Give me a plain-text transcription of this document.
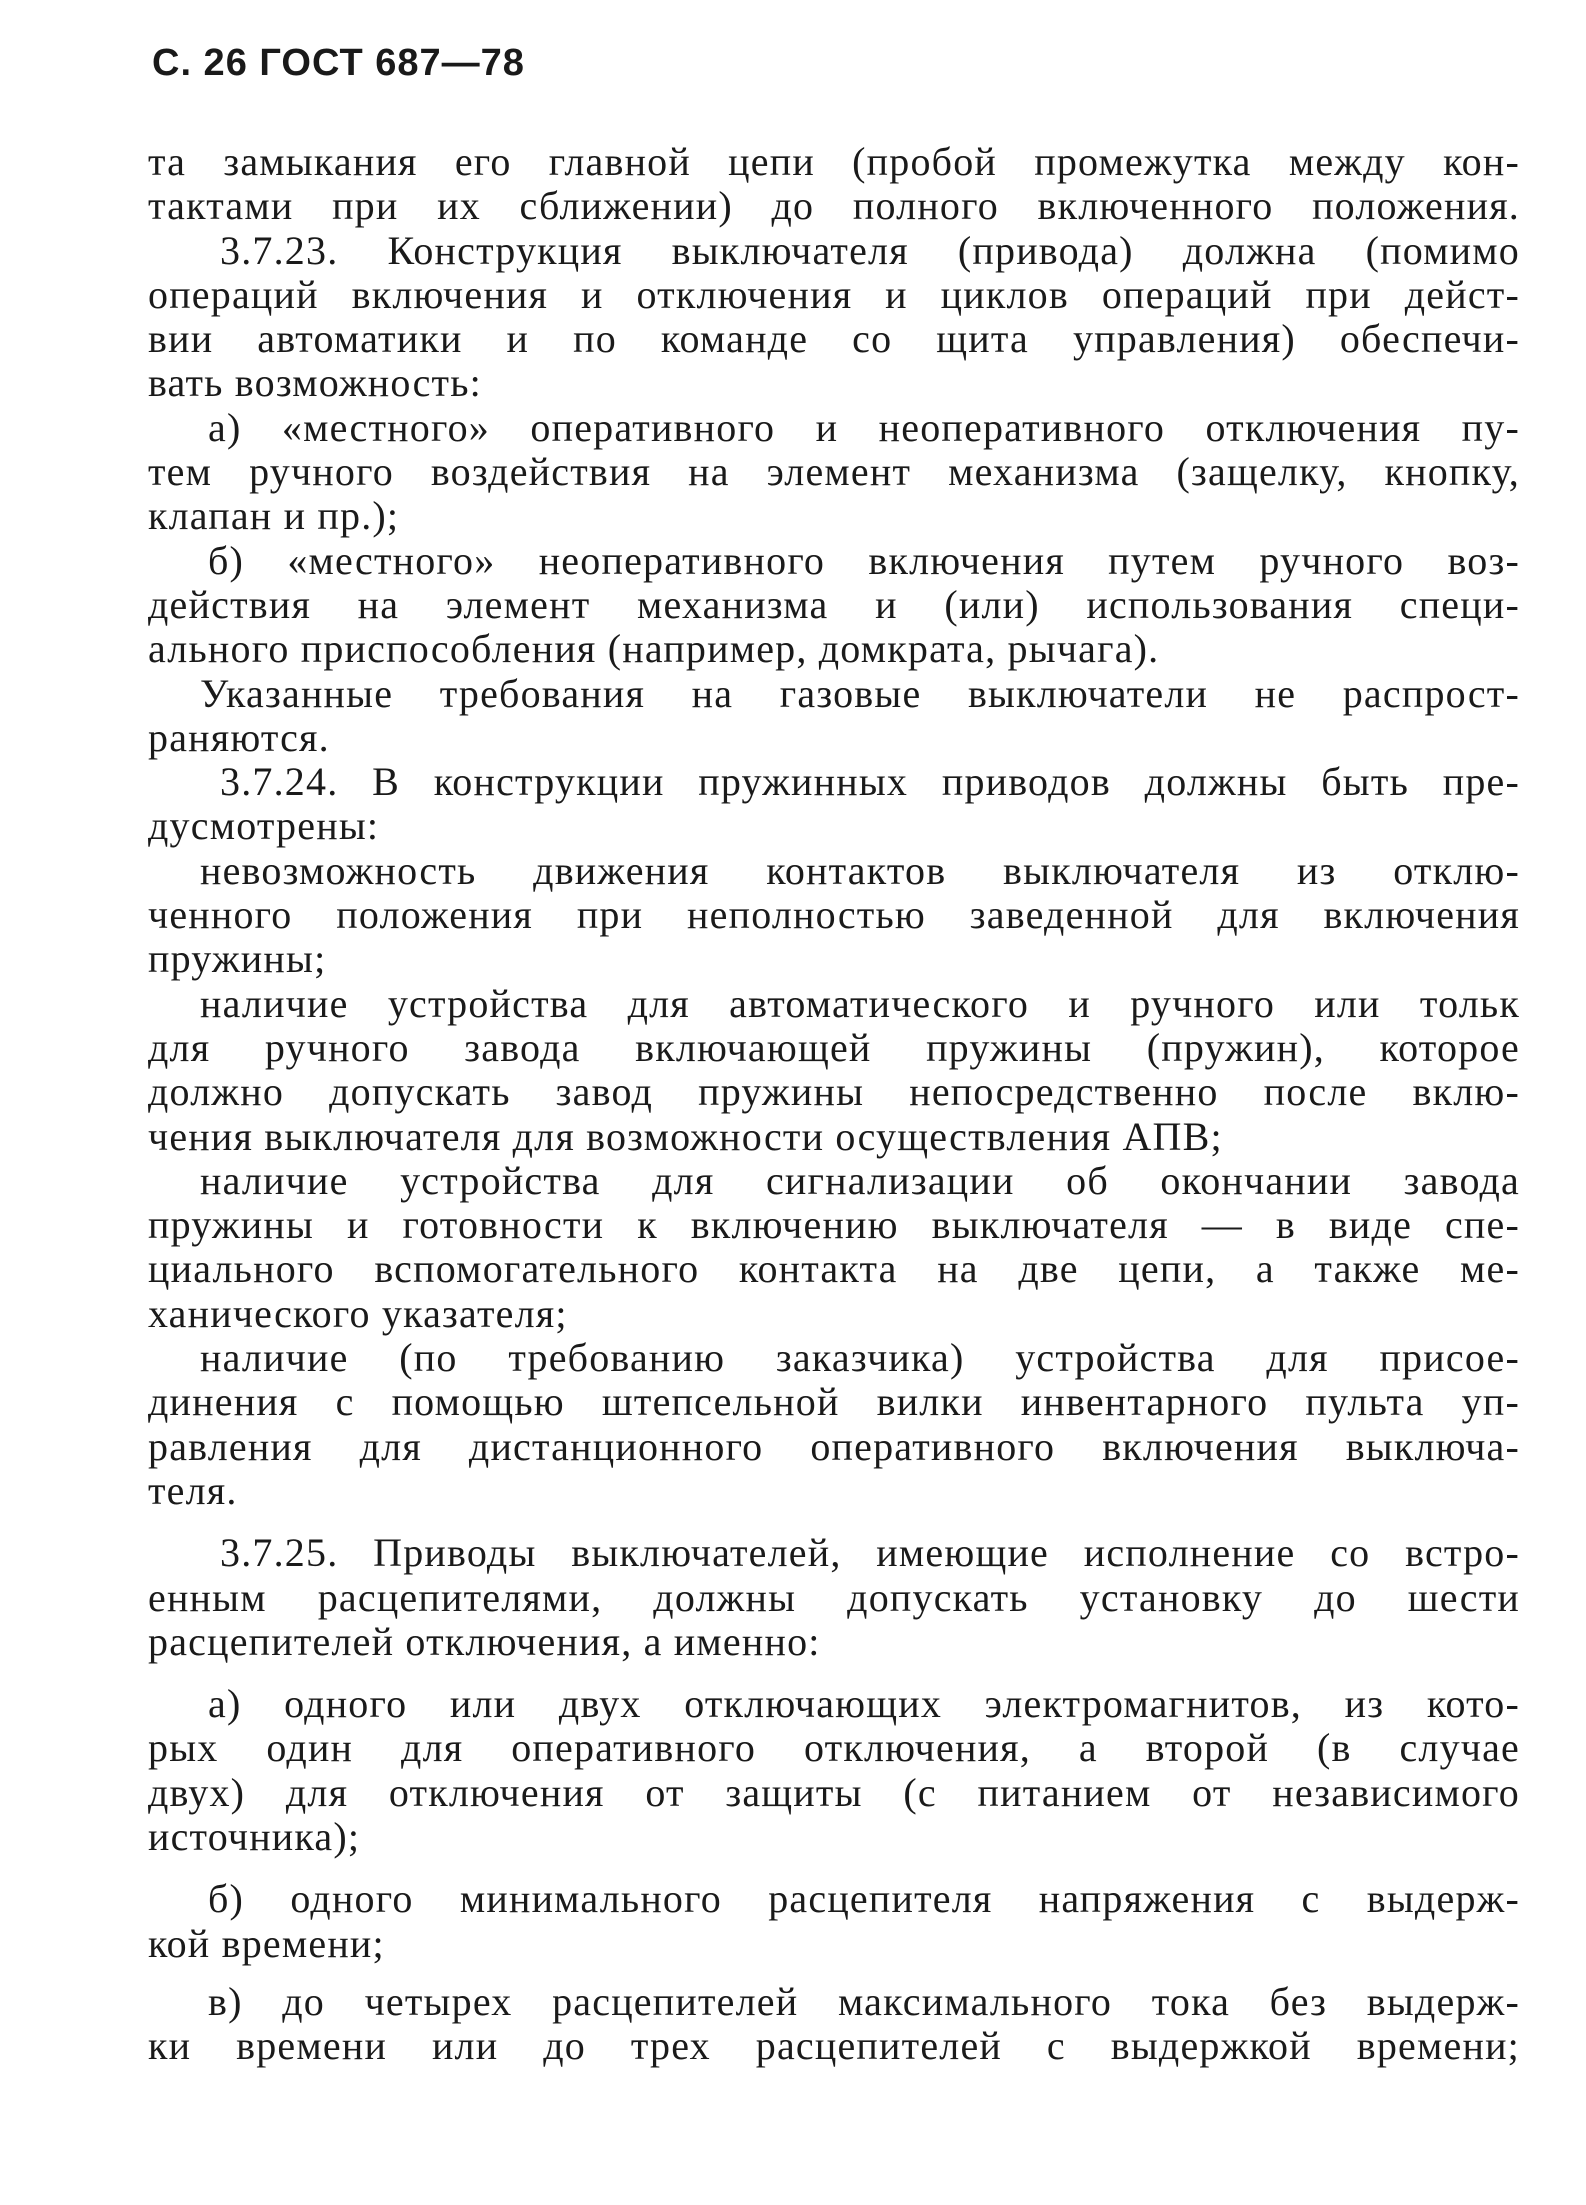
С. 26 ГОСТ 687—78
та замыкания его главной цепи (пробой промежутка между кон-
тактами при их сближении) до полного включенного положения.
3.7.23. Конструкция выключателя (привода) должна (помимо
операций включения и отключения и циклов операций при дейст-
вии автоматики и по команде со щита управления) обеспечи-
вать возможность:
а) «местного» оперативного и неоперативного отключения пу-
тем ручного воздействия на элемент механизма (защелку, кнопку,
клапан и пр.);
б) «местного» неоперативного включения путем ручного воз-
действия на элемент механизма и (или) использования специ-
ального приспособления (например, домкрата, рычага).
Указанные требования на газовые выключатели не распрост-
раняются.
3.7.24. В конструкции пружинных приводов должны быть пре-
дусмотрены:
невозможность движения контактов выключателя из отклю-
ченного положения при неполностью заведенной для включения
пружины;
наличие устройства для автоматического и ручного или тольк
для ручного завода включающей пружины (пружин), которое
должно допускать завод пружины непосредственно после вклю-
чения выключателя для возможности осуществления АПВ;
наличие устройства для сигнализации об окончании завода
пружины и готовности к включению выключателя — в виде спе-
циального вспомогательного контакта на две цепи, а также ме-
ханического указателя;
наличие (по требованию заказчика) устройства для присое-
динения с помощью штепсельной вилки инвентарного пульта уп-
равления для дистанционного оперативного включения выключа-
теля.
3.7.25. Приводы выключателей, имеющие исполнение со встро-
енным расцепителями, должны допускать установку до шести
расцепителей отключения, а именно:
а) одного или двух отключающих электромагнитов, из кото-
рых один для оперативного отключения, а второй (в случае
двух) для отключения от защиты (с питанием от независимого
источника);
б) одного минимального расцепителя напряжения с выдерж-
кой времени;
в) до четырех расцепителей максимального тока без выдерж-
ки времени или до трех расцепителей с выдержкой времени;
